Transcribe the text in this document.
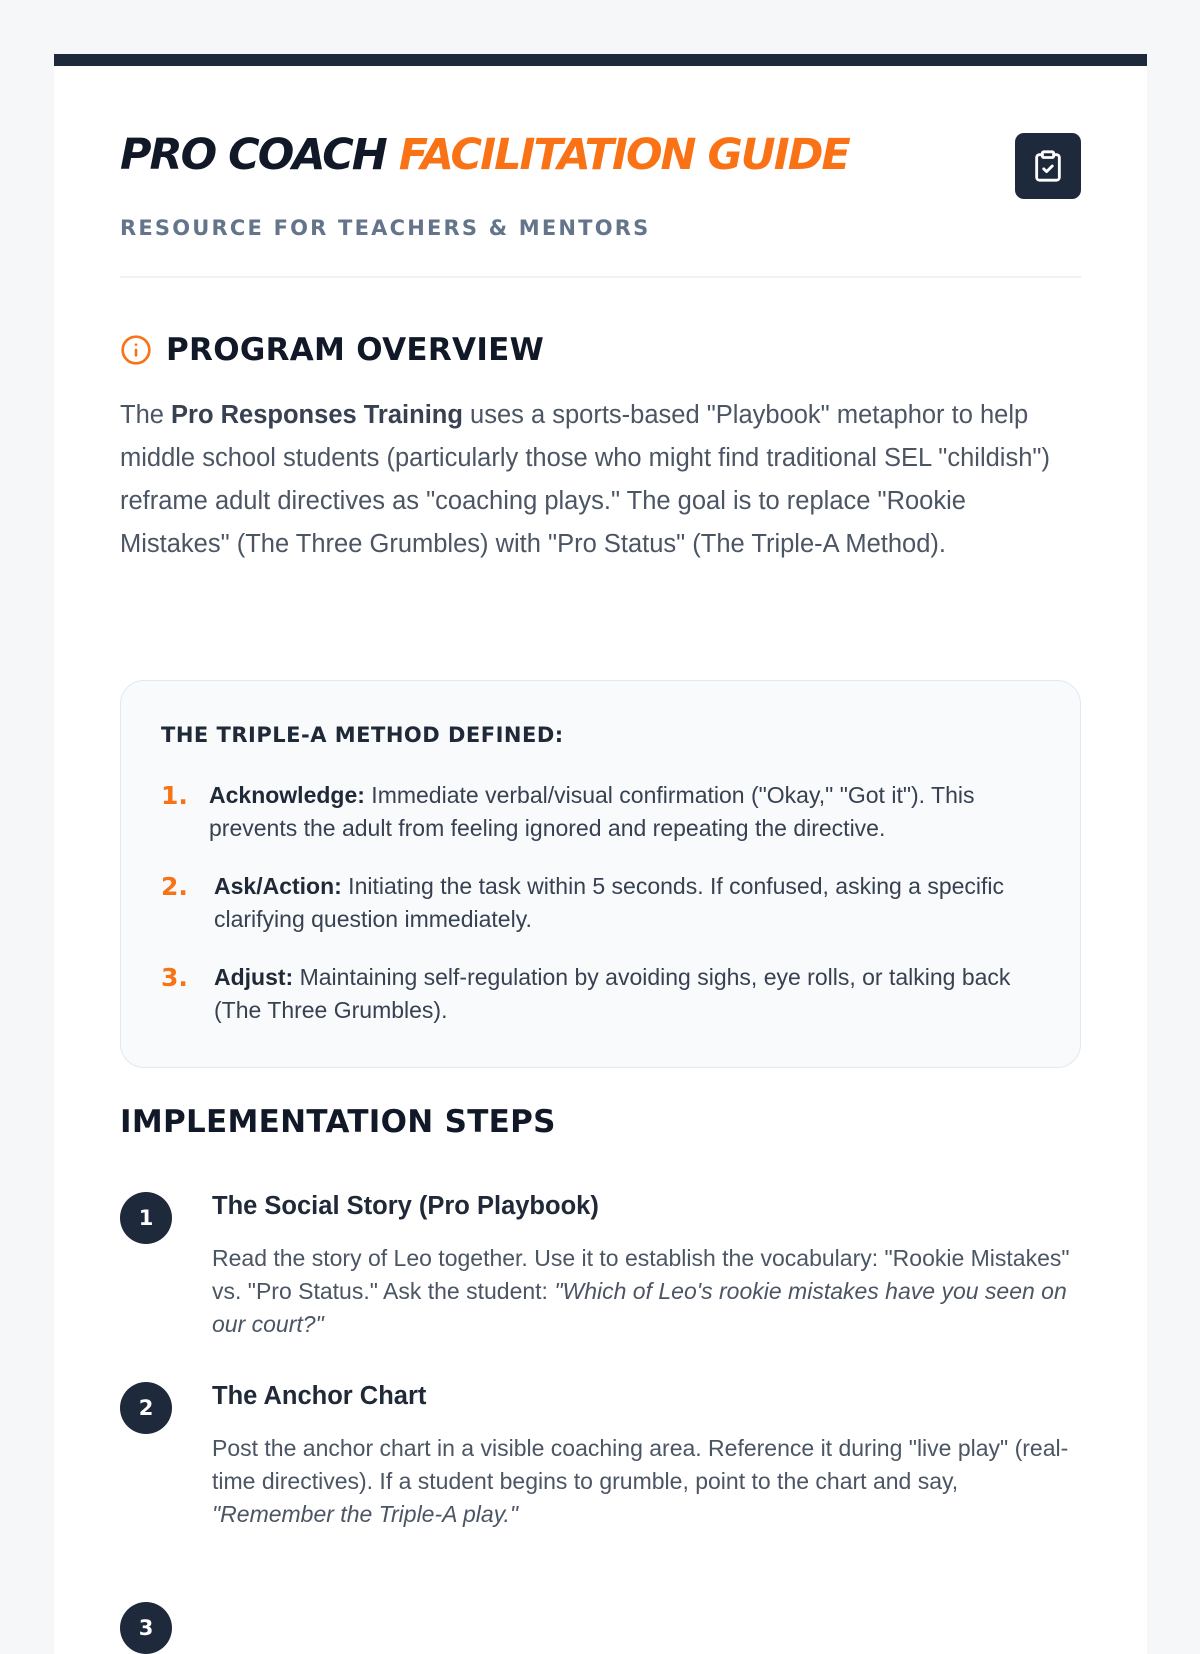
PRO COACH FACILITATION GUIDE
RESOURCE FOR TEACHERS & MENTORS
PROGRAM OVERVIEW

The Pro Responses Training uses a sports-based "Playbook" metaphor to help middle school students (particularly those who might find traditional SEL "childish") reframe adult directives as "coaching plays." The goal is to replace "Rookie Mistakes" (The Three Grumbles) with "Pro Status" (The Triple-A Method).

THE TRIPLE-A METHOD DEFINED:
1. Acknowledge: Immediate verbal/visual confirmation ("Okay," "Got it"). This prevents the adult from feeling ignored and repeating the directive.

2. Ask/Action: Initiating the task within 5 seconds. If confused, asking a specific clarifying question immediately.

3. Adjust: Maintaining self-regulation by avoiding sighs, eye rolls, or talking back (The Three Grumbles).

IMPLEMENTATION STEPS
1	The Social Story (Pro Playbook)

Read the story of Leo together. Use it to establish the vocabulary: "Rookie Mistakes" vs. "Pro Status." Ask the student: "Which of Leo's rookie mistakes have you seen on our court?"

2	The Anchor Chart

Post the anchor chart in a visible coaching area. Reference it during "live play" (real-time directives). If a student begins to grumble, point to the chart and say, "Remember the Triple-A play."

3
